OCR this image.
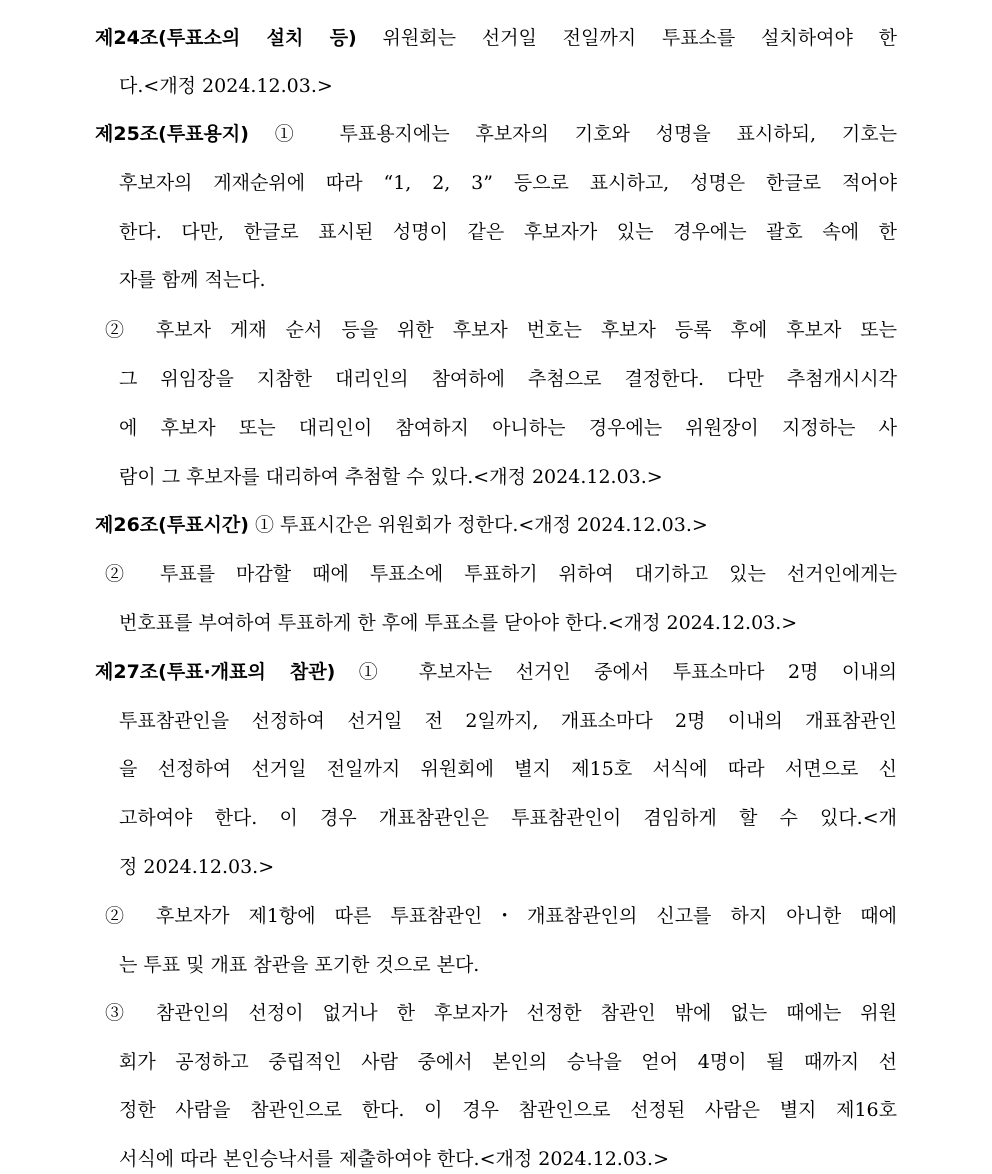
제24조(투표소의 설치 등) 위원회는 선거일 전일까지 투표소를 설치하여야 한
다.<개정 2024.12.03.>
제25조(투표용지) ① 투표용지에는 후보자의 기호와 성명을 표시하되, 기호는
후보자의 게재순위에 따라 “1, 2, 3” 등으로 표시하고, 성명은 한글로 적어야
한다. 다만, 한글로 표시된 성명이 같은 후보자가 있는 경우에는 괄호 속에 한
자를 함께 적는다.
② 후보자 게재 순서 등을 위한 후보자 번호는 후보자 등록 후에 후보자 또는
그 위임장을 지참한 대리인의 참여하에 추첨으로 결정한다. 다만 추첨개시시각
에 후보자 또는 대리인이 참여하지 아니하는 경우에는 위원장이 지정하는 사
람이 그 후보자를 대리하여 추첨할 수 있다.<개정 2024.12.03.>
제26조(투표시간) ① 투표시간은 위원회가 정한다.<개정 2024.12.03.>
② 투표를 마감할 때에 투표소에 투표하기 위하여 대기하고 있는 선거인에게는
번호표를 부여하여 투표하게 한 후에 투표소를 닫아야 한다.<개정 2024.12.03.>
제27조(투표·개표의 참관) ① 후보자는 선거인 중에서 투표소마다 2명 이내의
투표참관인을 선정하여 선거일 전 2일까지, 개표소마다 2명 이내의 개표참관인
을 선정하여 선거일 전일까지 위원회에 별지 제15호 서식에 따라 서면으로 신
고하여야 한다. 이 경우 개표참관인은 투표참관인이 겸임하게 할 수 있다.<개
정 2024.12.03.>
② 후보자가 제1항에 따른 투표참관인・개표참관인의 신고를 하지 아니한 때에
는 투표 및 개표 참관을 포기한 것으로 본다.
③ 참관인의 선정이 없거나 한 후보자가 선정한 참관인 밖에 없는 때에는 위원
회가 공정하고 중립적인 사람 중에서 본인의 승낙을 얻어 4명이 될 때까지 선
정한 사람을 참관인으로 한다. 이 경우 참관인으로 선정된 사람은 별지 제16호
서식에 따라 본인승낙서를 제출하여야 한다.<개정 2024.12.03.>
